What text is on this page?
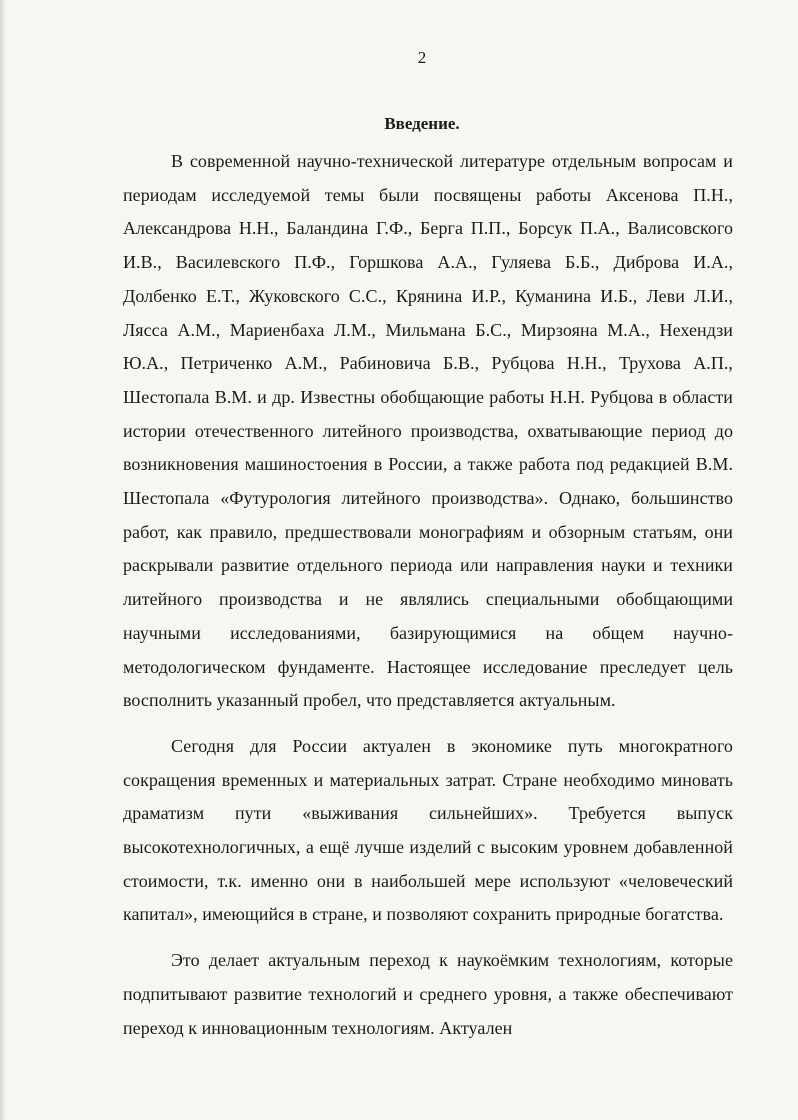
2
Введение.

В современной научно-технической литературе отдельным вопросам и периодам исследуемой темы были посвящены работы Аксенова П.Н., Александрова Н.Н., Баландина Г.Ф., Берга П.П., Борсук П.А., Валисовского И.В., Василевского П.Ф., Горшкова А.А., Гуляева Б.Б., Диброва И.А., Долбенко Е.Т., Жуковского С.С., Крянина И.Р., Куманина И.Б., Леви Л.И., Лясса А.М., Мариенбаха Л.М., Мильмана Б.С., Мирзояна М.А., Нехендзи Ю.А., Петриченко А.М., Рабиновича Б.В., Рубцова Н.Н., Трухова А.П., Шестопала В.М. и др. Известны обобщающие работы Н.Н. Рубцова в области истории отечественного литейного производства, охватывающие период до возникновения машиностоения в России, а также работа под редакцией В.М. Шестопала «Футурология литейного производства». Однако, большинство работ, как правило, предшествовали монографиям и обзорным статьям, они раскрывали развитие отдельного периода или направления науки и техники литейного производства и не являлись специальными обобщающими научными исследованиями, базирующимися на общем научно-методологическом фундаменте. Настоящее исследование преследует цель восполнить указанный пробел, что представляется актуальным.

Сегодня для России актуален в экономике путь многократного сокращения временных и материальных затрат. Стране необходимо миновать драматизм пути «выживания сильнейших». Требуется выпуск высокотехнологичных, а ещё лучше изделий с высоким уровнем добавленной стоимости, т.к. именно они в наибольшей мере используют «человеческий капитал», имеющийся в стране, и позволяют сохранить природные богатства.

Это делает актуальным переход к наукоёмким технологиям, которые подпитывают развитие технологий и среднего уровня, а также обеспечивают переход к инновационным технологиям. Актуален
